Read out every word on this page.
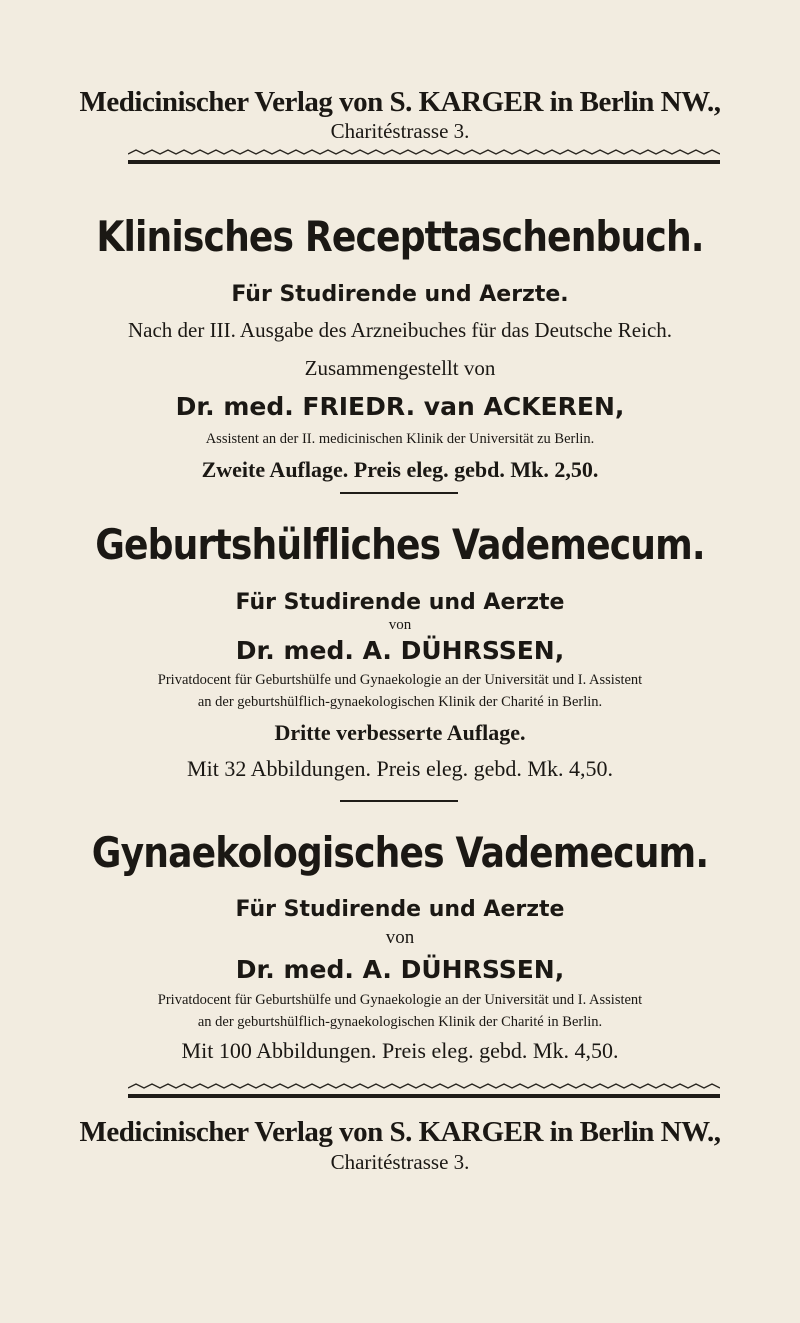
Medicinischer Verlag von S. KARGER in Berlin NW.,
Charitéstrasse 3.
Klinisches Recepttaschenbuch.
Für Studirende und Aerzte.
Nach der III. Ausgabe des Arzneibuches für das Deutsche Reich.
Zusammengestellt von
Dr. med. FRIEDR. van ACKEREN,
Assistent an der II. medicinischen Klinik der Universität zu Berlin.
Zweite Auflage. Preis eleg. gebd. Mk. 2,50.
Geburtshülfliches Vademecum.
Für Studirende und Aerzte
von
Dr. med. A. DÜHRSSEN,
Privatdocent für Geburtshülfe und Gynaekologie an der Universität und I. Assistent
an der geburtshülflich-gynaekologischen Klinik der Charité in Berlin.
Dritte verbesserte Auflage.
Mit 32 Abbildungen. Preis eleg. gebd. Mk. 4,50.
Gynaekologisches Vademecum.
Für Studirende und Aerzte
von
Dr. med. A. DÜHRSSEN,
Privatdocent für Geburtshülfe und Gynaekologie an der Universität und I. Assistent
an der geburtshülflich-gynaekologischen Klinik der Charité in Berlin.
Mit 100 Abbildungen. Preis eleg. gebd. Mk. 4,50.
Medicinischer Verlag von S. KARGER in Berlin NW.,
Charitéstrasse 3.
